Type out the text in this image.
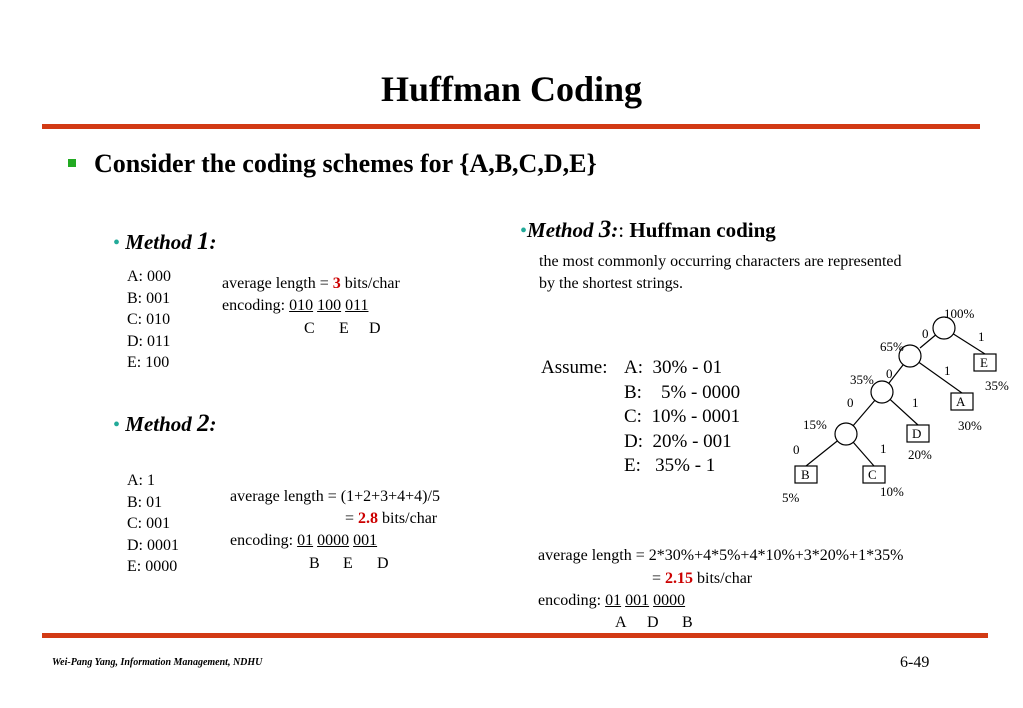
Huffman Coding
Consider the coding schemes for {A,B,C,D,E}
• Method 1:
A: 000
B: 001
C: 010
D: 011
E: 100
average length = 3 bits/char
encoding: 010 100 011
C E D
• Method 2:
A: 1
B: 01
C: 001
D: 0001
E: 0000
average length = (1+2+3+4+4)/5
= 2.8 bits/char
encoding: 01 0000 001
B E D
•Method 3:: Huffman coding
the most commonly occurring characters are represented
by the shortest strings.
Assume: A:  30% - 01
B:    5% - 0000
C:  10% - 0001
D:  20% - 001
E:   35% - 1
average length = 2*30%+4*5%+4*10%+3*20%+1*35%
= 2.15 bits/char
encoding: 01 001 0000
A D B
100%
65%
35%
15%
0	1
0	1
0	1
0	1
E
A
D
B	C
35%
30%
20%
5%	10%
Wei-Pang Yang, Information Management, NDHU	6-49
